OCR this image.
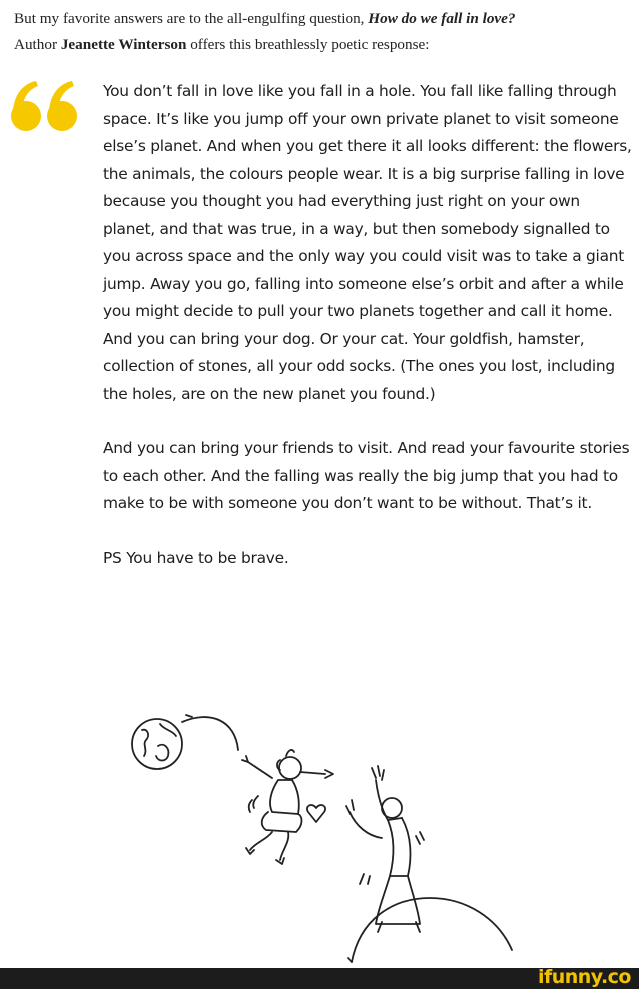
But my favorite answers are to the all-engulfing question, How do we fall in love?
Author Jeanette Winterson offers this breathlessly poetic response:

You don’t fall in love like you fall in a hole. You fall like falling through space. It’s like you jump off your own private planet to visit someone else’s planet. And when you get there it all looks different: the flowers, the animals, the colours people wear. It is a big surprise falling in love because you thought you had everything just right on your own planet, and that was true, in a way, but then somebody signalled to you across space and the only way you could visit was to take a giant jump. Away you go, falling into someone else’s orbit and after a while you might decide to pull your two planets together and call it home. And you can bring your dog. Or your cat. Your goldfish, hamster, collection of stones, all your odd socks. (The ones you lost, including the holes, are on the new planet you found.)

And you can bring your friends to visit. And read your favourite stories to each other. And the falling was really the big jump that you had to make to be with someone you don’t want to be without. That’s it.

PS You have to be brave.

ifunny.co
